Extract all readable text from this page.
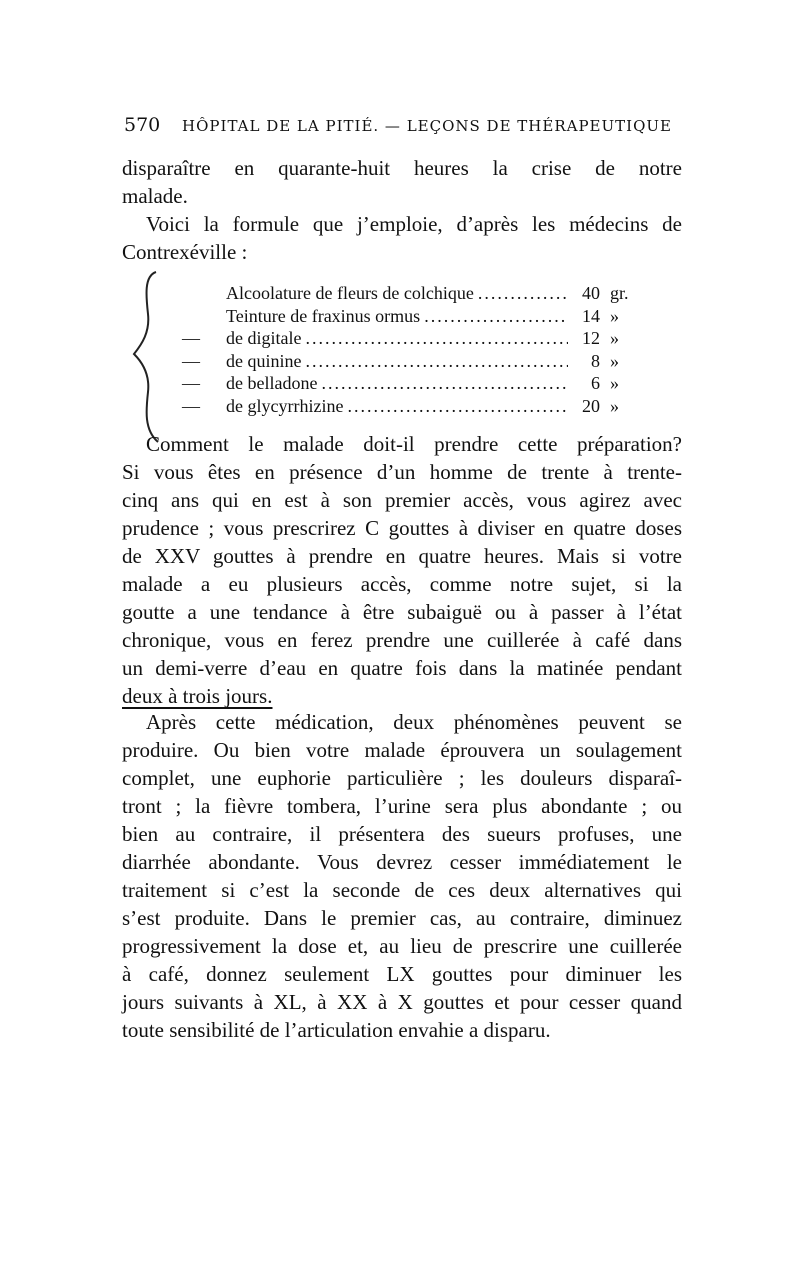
570 HÔPITAL DE LA PITIÉ. — LEÇONS DE THÉRAPEUTIQUE
disparaître en quarante-huit heures la crise de notre
malade.
Voici la formule que j’emploie, d’après les médecins de
Contrexéville :
Alcoolature de fleurs de colchique .....	40 gr.
Teinture de fraxinus ormus .....	14 »
—	de digitale .....	12 »
—	de quinine .....	8 »
—	de belladone .....	6 »
—	de glycyrrhizine .....	20 »
Comment le malade doit-il prendre cette préparation?
Si vous êtes en présence d’un homme de trente à trente-
cinq ans qui en est à son premier accès, vous agirez avec
prudence ; vous prescrirez C gouttes à diviser en quatre doses
de XXV gouttes à prendre en quatre heures. Mais si votre
malade a eu plusieurs accès, comme notre sujet, si la
goutte a une tendance à être subaiguë ou à passer à l’état
chronique, vous en ferez prendre une cuillerée à café dans
un demi-verre d’eau en quatre fois dans la matinée pendant
deux à trois jours.
Après cette médication, deux phénomènes peuvent se
produire. Ou bien votre malade éprouvera un soulagement
complet, une euphorie particulière ; les douleurs disparaî-
tront ; la fièvre tombera, l’urine sera plus abondante ; ou
bien au contraire, il présentera des sueurs profuses, une
diarrhée abondante. Vous devrez cesser immédiatement le
traitement si c’est la seconde de ces deux alternatives qui
s’est produite. Dans le premier cas, au contraire, diminuez
progressivement la dose et, au lieu de prescrire une cuillerée
à café, donnez seulement LX gouttes pour diminuer les
jours suivants à XL, à XX à X gouttes et pour cesser quand
toute sensibilité de l’articulation envahie a disparu.
